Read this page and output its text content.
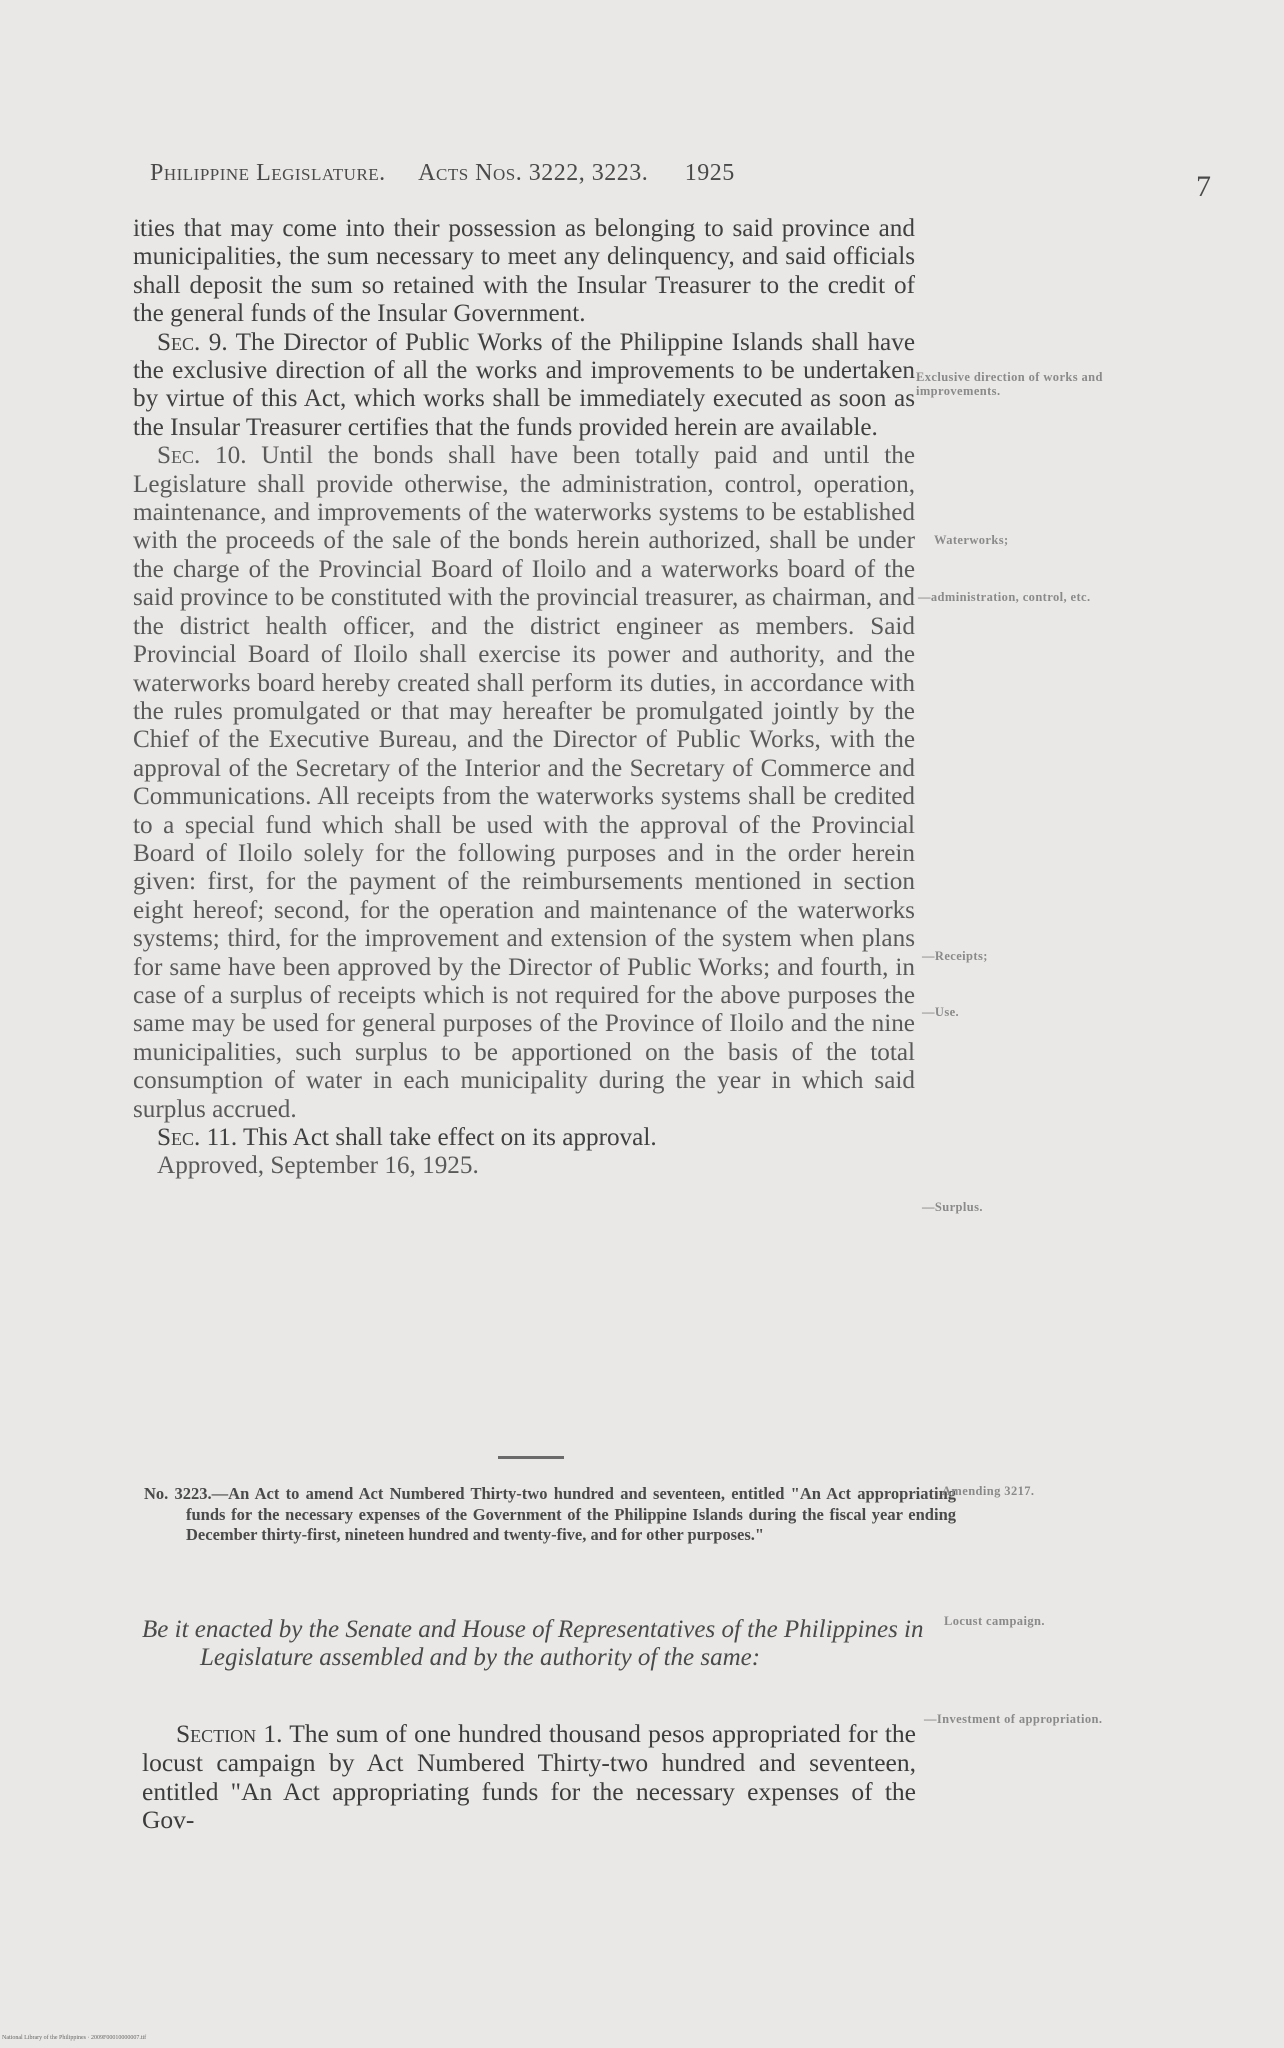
Philippine Legislature. Acts Nos. 3222, 3223. 1925	7

ities that may come into their possession as belonging to said province and municipalities, the sum necessary to meet any delinquency, and said officials shall deposit the sum so retained with the Insular Treasurer to the credit of the general funds of the Insular Government.

Sec. 9. The Director of Public Works of the Philippine Islands shall have the exclusive direction of all the works and improvements to be undertaken by virtue of this Act, which works shall be immediately executed as soon as the Insular Treasurer certifies that the funds provided herein are available.

Sec. 10. Until the bonds shall have been totally paid and until the Legislature shall provide otherwise, the administration, control, operation, maintenance, and improvements of the waterworks systems to be established with the proceeds of the sale of the bonds herein authorized, shall be under the charge of the Provincial Board of Iloilo and a waterworks board of the said province to be constituted with the provincial treasurer, as chairman, and the district health officer, and the district engineer as members. Said Provincial Board of Iloilo shall exercise its power and authority, and the waterworks board hereby created shall perform its duties, in accordance with the rules promulgated or that may hereafter be promulgated jointly by the Chief of the Executive Bureau, and the Director of Public Works, with the approval of the Secretary of the Interior and the Secretary of Commerce and Communications. All receipts from the waterworks systems shall be credited to a special fund which shall be used with the approval of the Provincial Board of Iloilo solely for the following purposes and in the order herein given: first, for the payment of the reimbursements mentioned in section eight hereof; second, for the operation and maintenance of the waterworks systems; third, for the improvement and extension of the system when plans for same have been approved by the Director of Public Works; and fourth, in case of a surplus of receipts which is not required for the above purposes the same may be used for general purposes of the Province of Iloilo and the nine municipalities, such surplus to be apportioned on the basis of the total consumption of water in each municipality during the year in which said surplus accrued.

Sec. 11. This Act shall take effect on its approval.

Approved, September 16, 1925.

No. 3223.—An Act to amend Act Numbered Thirty-two hundred and seventeen, entitled "An Act appropriating funds for the necessary expenses of the Government of the Philippine Islands during the fiscal year ending December thirty-first, nineteen hundred and twenty-five, and for other purposes."
Be it enacted by the Senate and House of Representatives of the Philippines in Legislature assembled and by the authority of the same:
Section 1. The sum of one hundred thousand pesos appropriated for the locust campaign by Act Numbered Thirty-two hundred and seventeen, entitled "An Act appropriating funds for the necessary expenses of the Gov-
Exclusive direction of works and improvements.
Waterworks;
—administration, control, etc.
—Receipts;
—Use.
—Surplus.
Amending 3217.
Locust campaign.
—Investment of appropriation.
National Library of the Philippines · 2009F00010000007.tif
